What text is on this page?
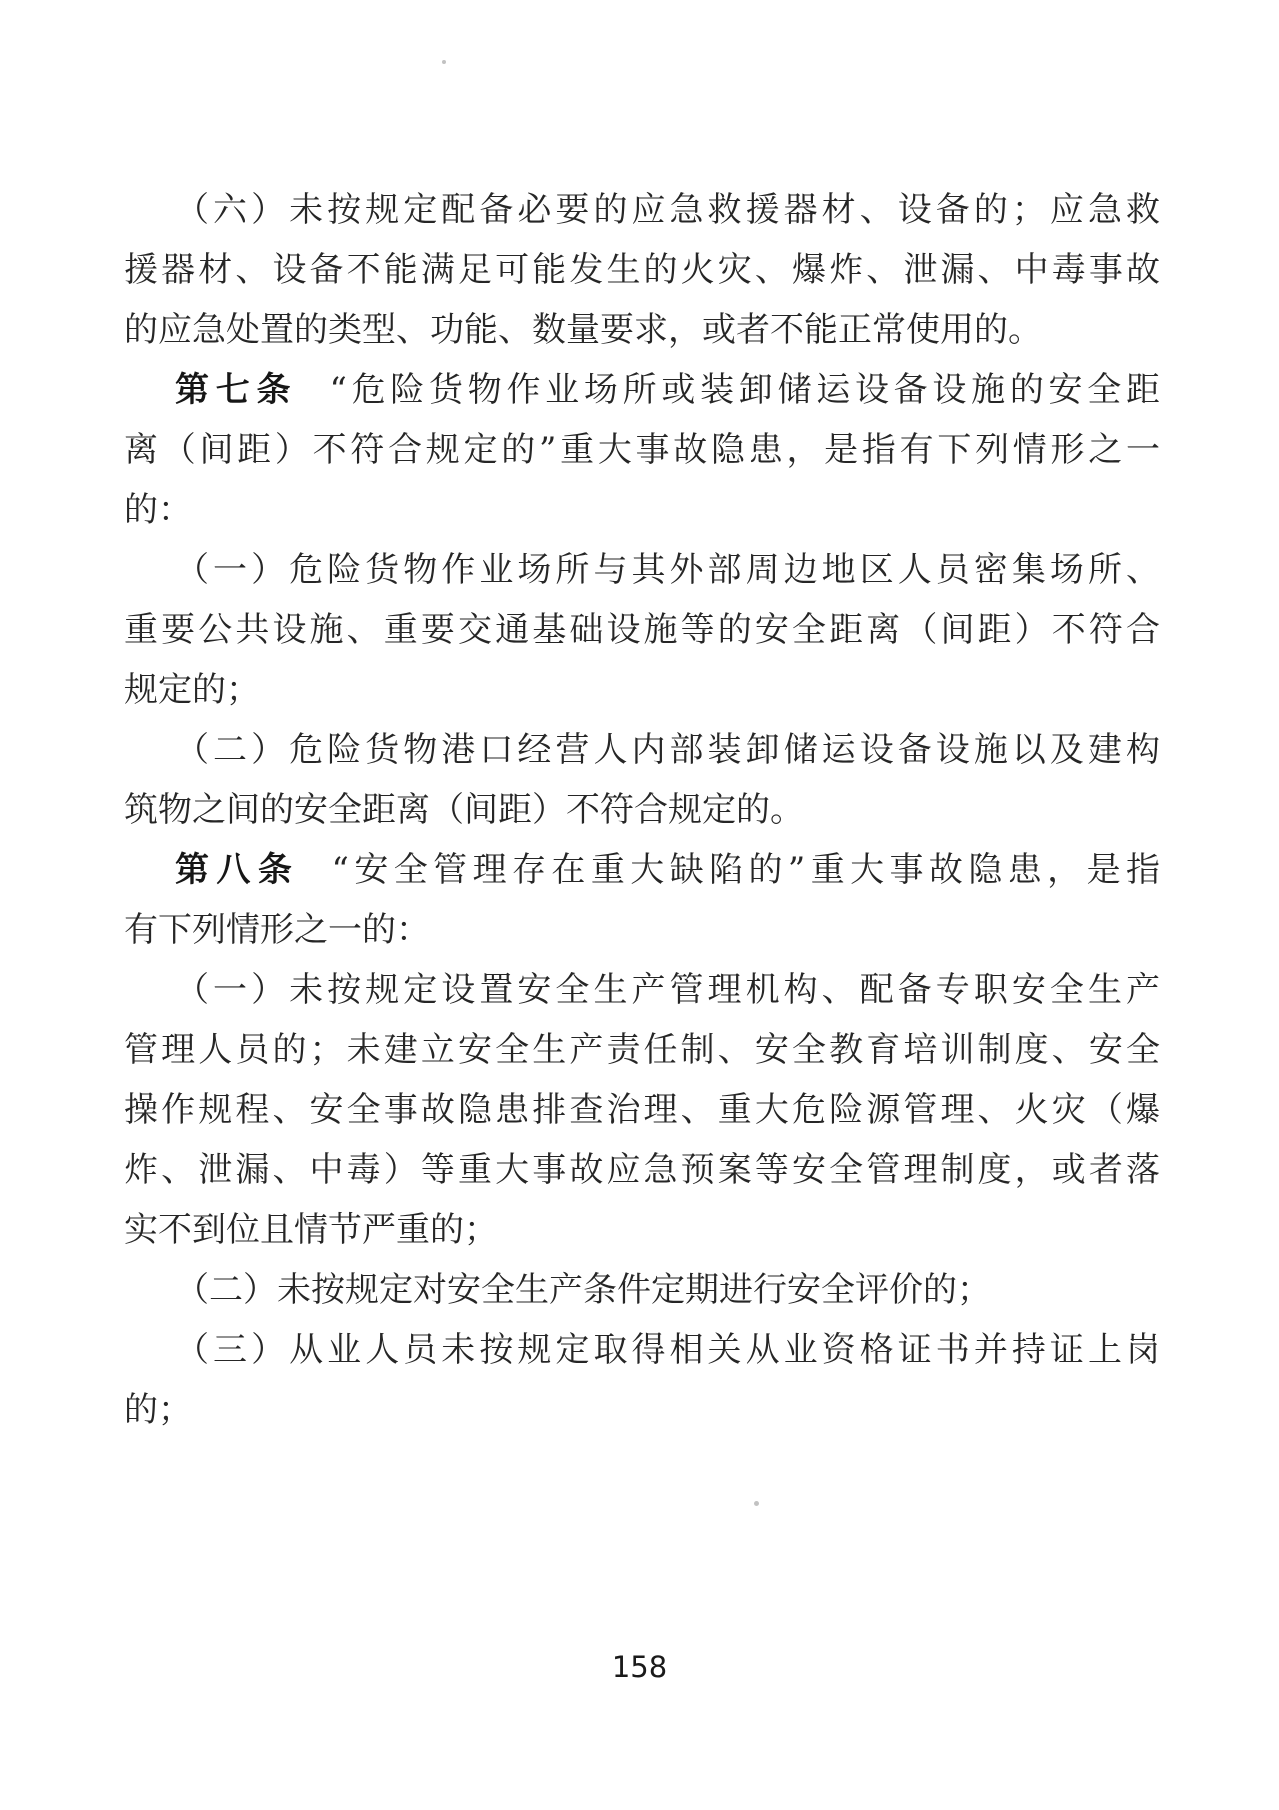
（六）未按规定配备必要的应急救援器材、设备的；应急救

援器材、设备不能满足可能发生的火灾、爆炸、泄漏、中毒事故

的应急处置的类型、功能、数量要求，或者不能正常使用的。

第七条 “危险货物作业场所或装卸储运设备设施的安全距

离（间距）不符合规定的”重大事故隐患，是指有下列情形之一

的：

（一）危险货物作业场所与其外部周边地区人员密集场所、

重要公共设施、重要交通基础设施等的安全距离（间距）不符合

规定的；

（二）危险货物港口经营人内部装卸储运设备设施以及建构

筑物之间的安全距离（间距）不符合规定的。

第八条 “安全管理存在重大缺陷的”重大事故隐患，是指

有下列情形之一的：

（一）未按规定设置安全生产管理机构、配备专职安全生产

管理人员的；未建立安全生产责任制、安全教育培训制度、安全

操作规程、安全事故隐患排查治理、重大危险源管理、火灾（爆

炸、泄漏、中毒）等重大事故应急预案等安全管理制度，或者落

实不到位且情节严重的；

（二）未按规定对安全生产条件定期进行安全评价的；

（三）从业人员未按规定取得相关从业资格证书并持证上岗

的；

158
